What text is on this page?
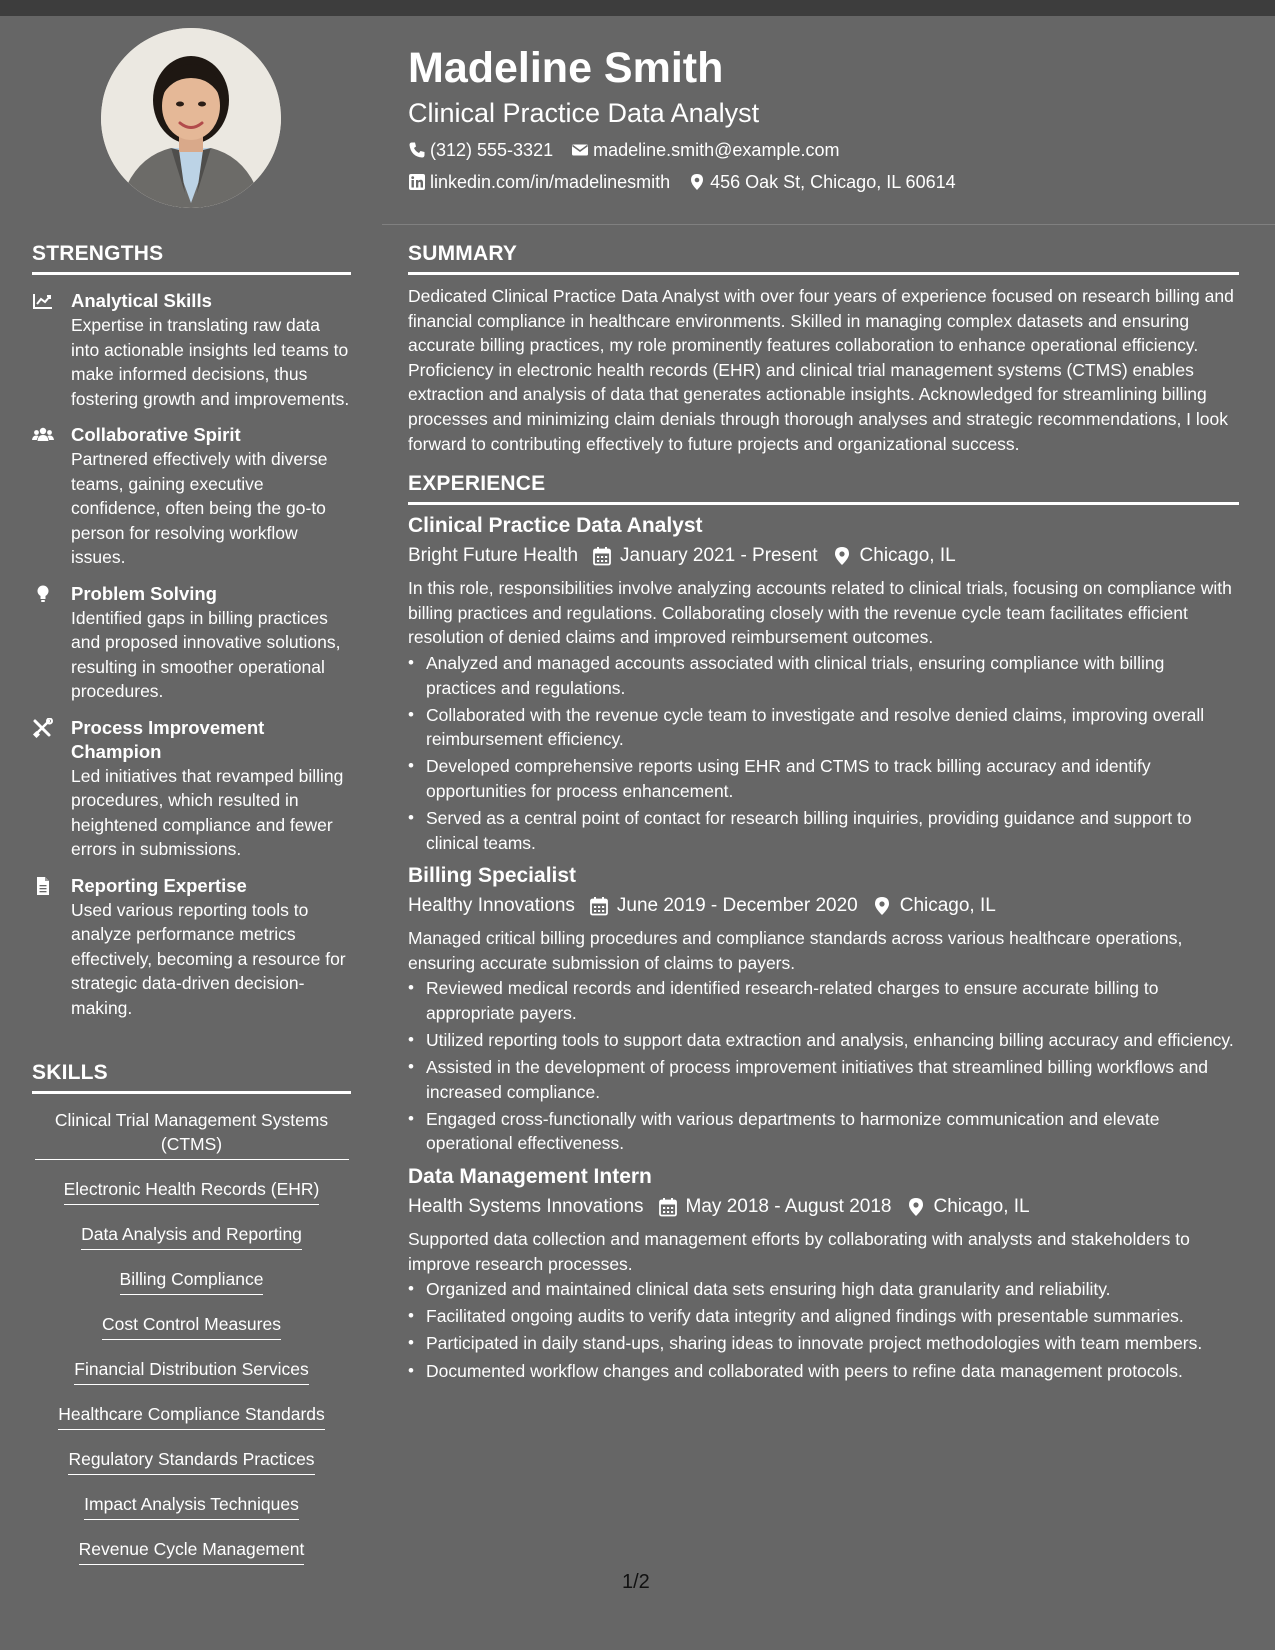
STRENGTHS
Analytical Skills
Expertise in translating raw data into actionable insights led teams to make informed decisions, thus fostering growth and improvements.
Collaborative Spirit
Partnered effectively with diverse teams, gaining executive confidence, often being the go-to person for resolving workflow issues.
Problem Solving
Identified gaps in billing practices and proposed innovative solutions, resulting in smoother operational procedures.
Process Improvement Champion
Led initiatives that revamped billing procedures, which resulted in heightened compliance and fewer errors in submissions.
Reporting Expertise
Used various reporting tools to analyze performance metrics effectively, becoming a resource for strategic data-driven decision-making.
SKILLS
Clinical Trial Management Systems (CTMS)
Electronic Health Records (EHR)
Data Analysis and Reporting
Billing Compliance
Cost Control Measures
Financial Distribution Services
Healthcare Compliance Standards
Regulatory Standards Practices
Impact Analysis Techniques
Revenue Cycle Management
Madeline Smith
Clinical Practice Data Analyst
(312) 555-3321 madeline.smith@example.com
linkedin.com/in/madelinesmith 456 Oak St, Chicago, IL 60614
SUMMARY
Dedicated Clinical Practice Data Analyst with over four years of experience focused on research billing and financial compliance in healthcare environments. Skilled in managing complex datasets and ensuring accurate billing practices, my role prominently features collaboration to enhance operational efficiency. Proficiency in electronic health records (EHR) and clinical trial management systems (CTMS) enables extraction and analysis of data that generates actionable insights. Acknowledged for streamlining billing processes and minimizing claim denials through thorough analyses and strategic recommendations, I look forward to contributing effectively to future projects and organizational success.
EXPERIENCE
Clinical Practice Data Analyst
Bright Future Health January 2021 - Present Chicago, IL
In this role, responsibilities involve analyzing accounts related to clinical trials, focusing on compliance with billing practices and regulations. Collaborating closely with the revenue cycle team facilitates efficient resolution of denied claims and improved reimbursement outcomes.
• Analyzed and managed accounts associated with clinical trials, ensuring compliance with billing practices and regulations.
• Collaborated with the revenue cycle team to investigate and resolve denied claims, improving overall reimbursement efficiency.
• Developed comprehensive reports using EHR and CTMS to track billing accuracy and identify opportunities for process enhancement.
• Served as a central point of contact for research billing inquiries, providing guidance and support to clinical teams.
Billing Specialist
Healthy Innovations June 2019 - December 2020 Chicago, IL
Managed critical billing procedures and compliance standards across various healthcare operations, ensuring accurate submission of claims to payers.
• Reviewed medical records and identified research-related charges to ensure accurate billing to appropriate payers.
• Utilized reporting tools to support data extraction and analysis, enhancing billing accuracy and efficiency.
• Assisted in the development of process improvement initiatives that streamlined billing workflows and increased compliance.
• Engaged cross-functionally with various departments to harmonize communication and elevate operational effectiveness.
Data Management Intern
Health Systems Innovations May 2018 - August 2018 Chicago, IL
Supported data collection and management efforts by collaborating with analysts and stakeholders to improve research processes.
• Organized and maintained clinical data sets ensuring high data granularity and reliability.
• Facilitated ongoing audits to verify data integrity and aligned findings with presentable summaries.
• Participated in daily stand-ups, sharing ideas to innovate project methodologies with team members.
• Documented workflow changes and collaborated with peers to refine data management protocols.
1/2
